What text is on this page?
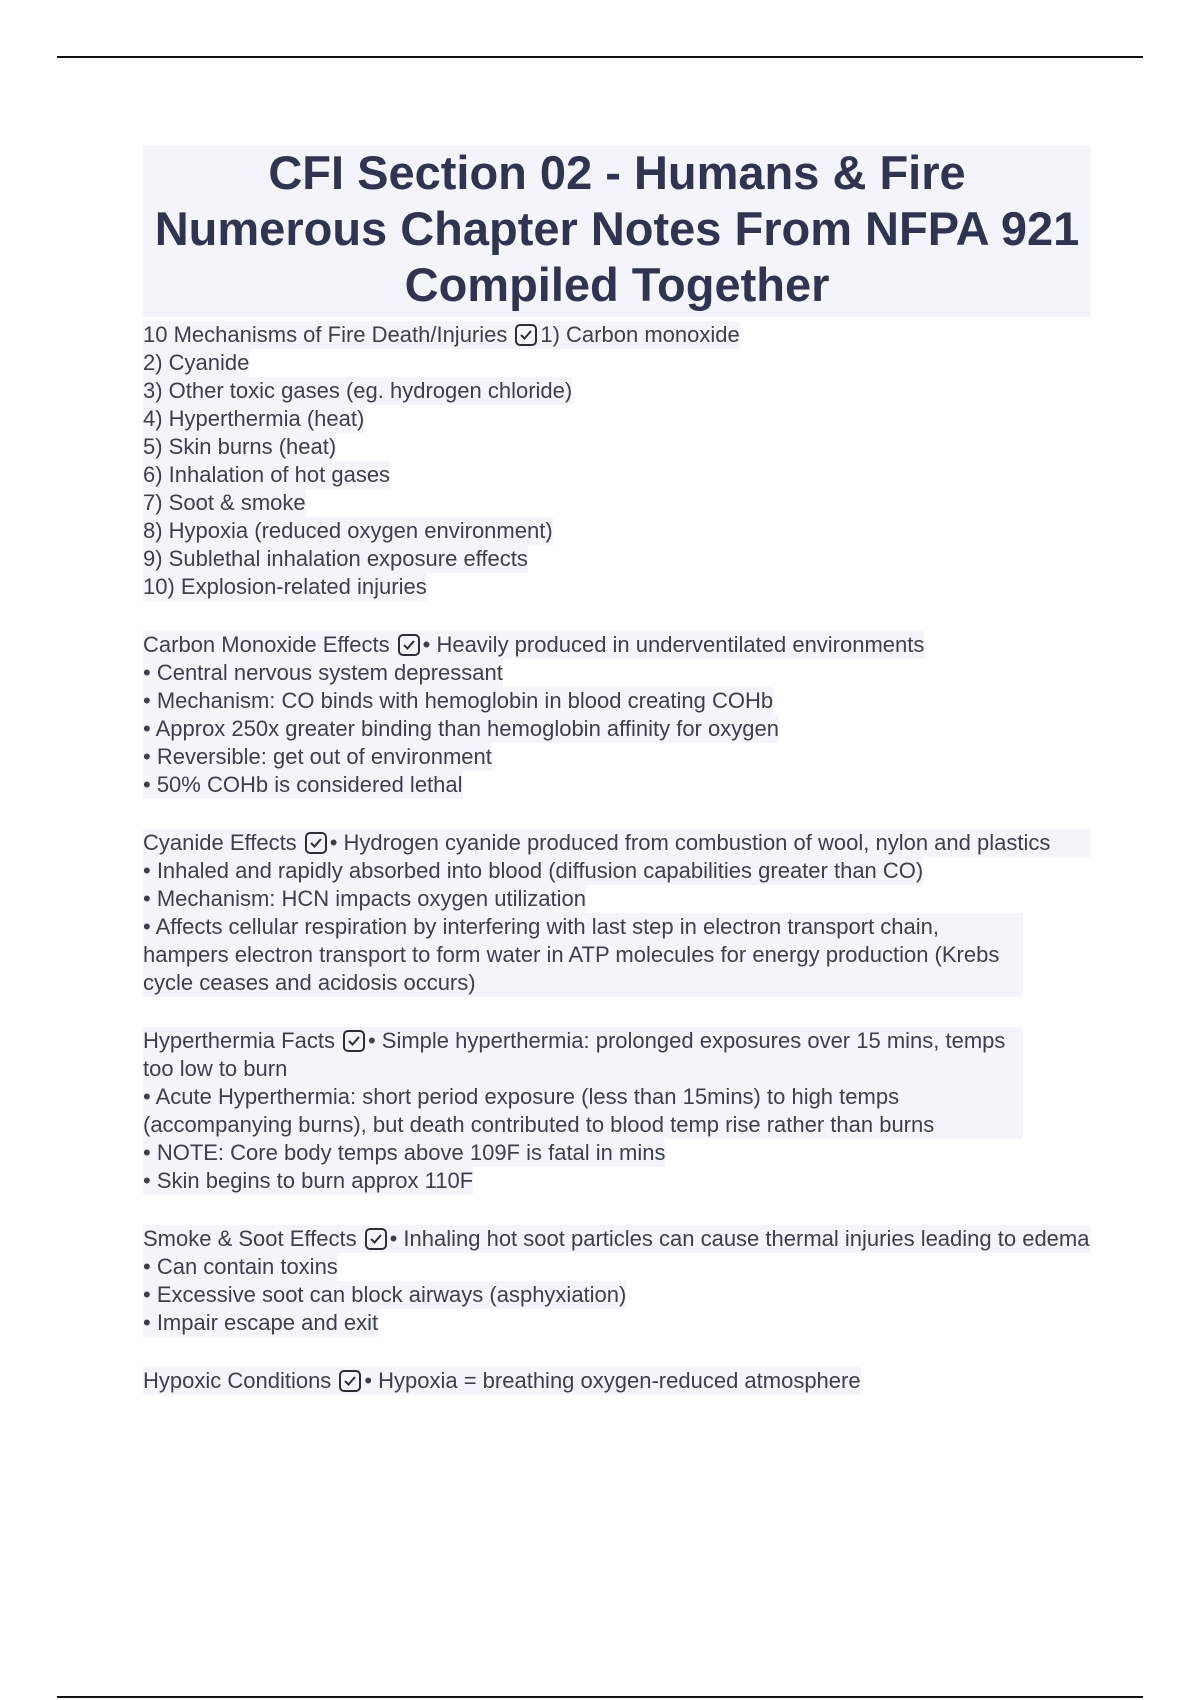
CFI Section 02 - Humans & Fire Numerous Chapter Notes From NFPA 921 Compiled Together
10 Mechanisms of Fire Death/Injuries 1) Carbon monoxide
2) Cyanide
3) Other toxic gases (eg. hydrogen chloride)
4) Hyperthermia (heat)
5) Skin burns (heat)
6) Inhalation of hot gases
7) Soot & smoke
8) Hypoxia (reduced oxygen environment)
9) Sublethal inhalation exposure effects
10) Explosion-related injuries
Carbon Monoxide Effects • Heavily produced in underventilated environments
• Central nervous system depressant
• Mechanism: CO binds with hemoglobin in blood creating COHb
• Approx 250x greater binding than hemoglobin affinity for oxygen
• Reversible: get out of environment
• 50% COHb is considered lethal
Cyanide Effects • Hydrogen cyanide produced from combustion of wool, nylon and plastics
• Inhaled and rapidly absorbed into blood (diffusion capabilities greater than CO)
• Mechanism: HCN impacts oxygen utilization
• Affects cellular respiration by interfering with last step in electron transport chain, hampers electron transport to form water in ATP molecules for energy production (Krebs cycle ceases and acidosis occurs)
Hyperthermia Facts • Simple hyperthermia: prolonged exposures over 15 mins, temps too low to burn
• Acute Hyperthermia: short period exposure (less than 15mins) to high temps (accompanying burns), but death contributed to blood temp rise rather than burns
• NOTE: Core body temps above 109F is fatal in mins
• Skin begins to burn approx 110F
Smoke & Soot Effects • Inhaling hot soot particles can cause thermal injuries leading to edema
• Can contain toxins
• Excessive soot can block airways (asphyxiation)
• Impair escape and exit
Hypoxic Conditions • Hypoxia = breathing oxygen-reduced atmosphere
